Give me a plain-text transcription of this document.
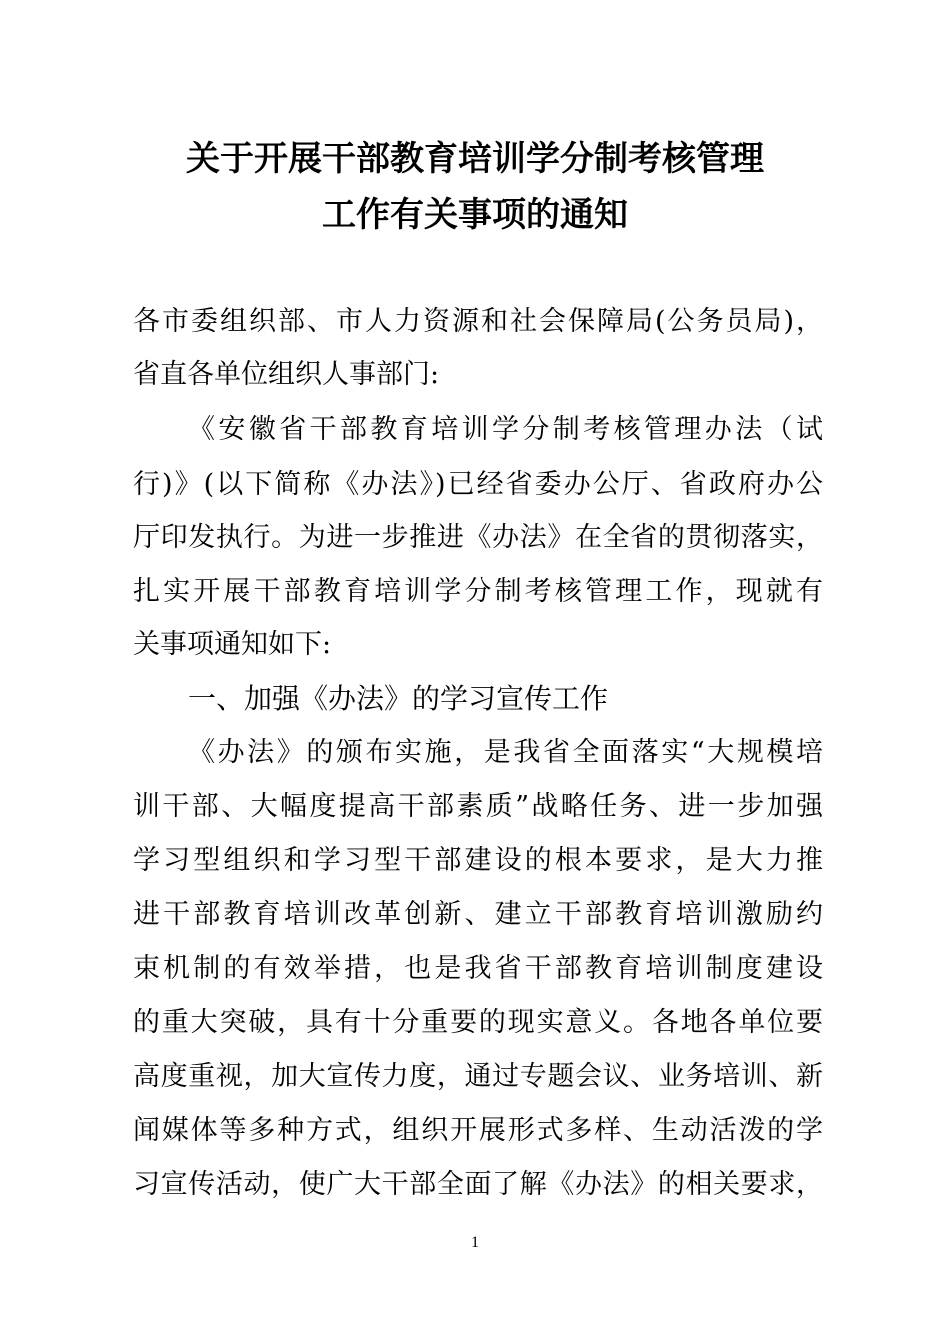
关于开展干部教育培训学分制考核管理
工作有关事项的通知
各市委组织部、市人力资源和社会保障局(公务员局)，
省直各单位组织人事部门:
《安徽省干部教育培训学分制考核管理办法（试
行)》(以下简称《办法》)已经省委办公厅、省政府办公
厅印发执行。为进一步推进《办法》在全省的贯彻落实，
扎实开展干部教育培训学分制考核管理工作，现就有
关事项通知如下:
一、加强《办法》的学习宣传工作
《办法》的颁布实施，是我省全面落实“大规模培
训干部、大幅度提高干部素质”战略任务、进一步加强
学习型组织和学习型干部建设的根本要求，是大力推
进干部教育培训改革创新、建立干部教育培训激励约
束机制的有效举措，也是我省干部教育培训制度建设
的重大突破，具有十分重要的现实意义。各地各单位要
高度重视，加大宣传力度，通过专题会议、业务培训、新
闻媒体等多种方式，组织开展形式多样、生动活泼的学
习宣传活动，使广大干部全面了解《办法》的相关要求，
1
